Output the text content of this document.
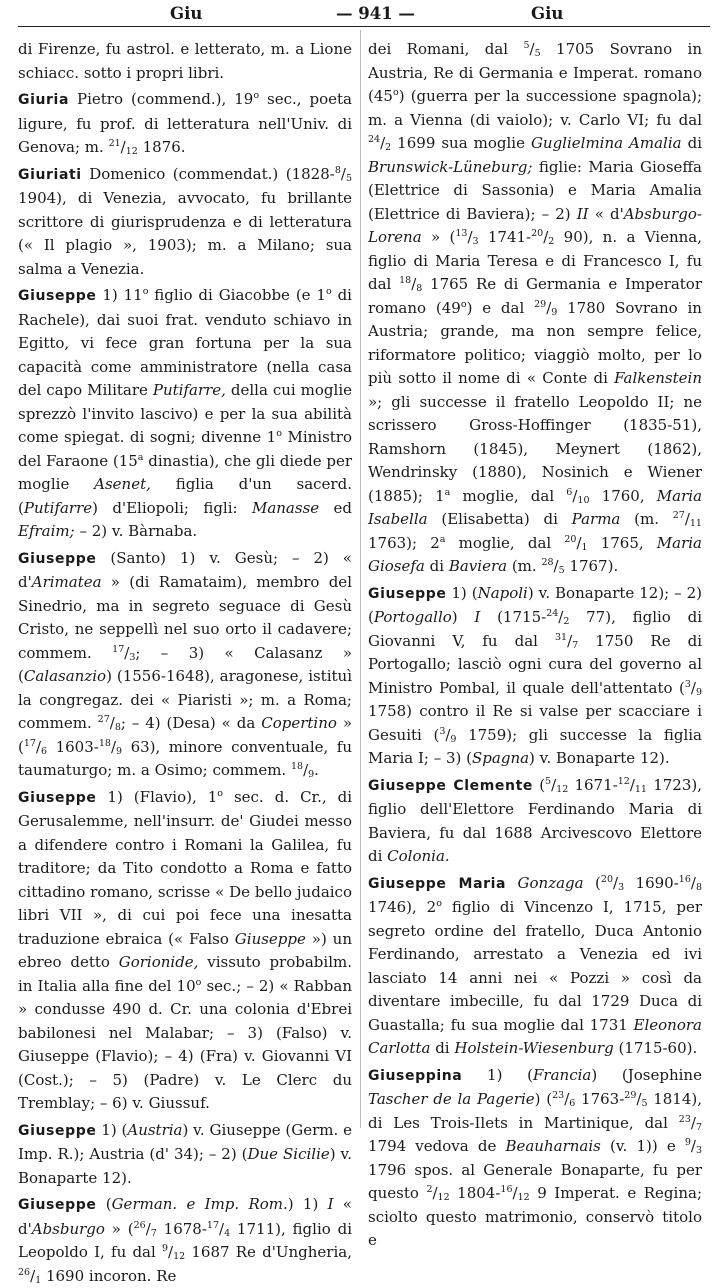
Giu	— 941 —	Giu

di Firenze, fu astrol. e letterato, m. a Lione schiacc. sotto i propri libri.

Giuria Pietro (commend.), 19$^o$ sec., poeta ligure, fu prof. di letteratura nell'Univ. di Genova; m. $^{21}/_{12}$ 1876.

Giuriati Domenico (commendat.) ($1828-^8/_5$ 1904), di Venezia, avvocato, fu brillante scrittore di giurisprudenza e di letteratura (« Il plagio », 1903); m. a Milano; sua salma a Venezia.

Giuseppe 1) 11$^o$ figlio di Giacobbe (e 1$^o$ di Rachele), dai suoi frat. venduto schiavo in Egitto, vi fece gran fortuna per la sua capacità come amministratore (nella casa del capo Militare Putifarre, della cui moglie sprezzò l'invito lascivo) e per la sua abilità come spiegat. di sogni; divenne 1$^o$ Ministro del Faraone (15$^a$ dinastia), che gli diede per moglie Asenet, figlia d'un sacerd. (Putifarre) d'Eliopoli; figli: Manasse ed Efraim; – 2) v. Bàrnaba.

Giuseppe (Santo) 1) v. Gesù; – 2) « d'Arimatea » (di Ramataim), membro del Sinedrio, ma in segreto seguace di Gesù Cristo, ne seppellì nel suo orto il cadavere; commem. $^{17}/_3$; – 3) « Calasanz » (Calasanzio) (1556-1648), aragonese, istituì la congregaz. dei « Piaristi »; m. a Roma; commem. $^{27}/_8$; – 4) (Desa) « da Copertino » ($^{17}/_6$ $1603-^{18}/_9$ 63), minore conventuale, fu taumaturgo; m. a Osimo; commem. $^{18}/_9$.

Giuseppe 1) (Flavio), 1$^o$ sec. d. Cr., di Gerusalemme, nell'insurr. de' Giudei messo a difendere contro i Romani la Galilea, fu traditore; da Tito condotto a Roma e fatto cittadino romano, scrisse « De bello judaico libri VII », di cui poi fece una inesatta traduzione ebraica (« Falso Giuseppe ») un ebreo detto Gorionide, vissuto probabilm. in Italia alla fine del 10$^o$ sec.; – 2) « Rabban » condusse 490 d. Cr. una colonia d'Ebrei babilonesi nel Malabar; – 3) (Falso) v. Giuseppe (Flavio); – 4) (Fra) v. Giovanni VI (Cost.); – 5) (Padre) v. Le Clerc du Tremblay; – 6) v. Giussuf.

Giuseppe 1) (Austria) v. Giuseppe (Germ. e Imp. R.); Austria (d' 34); – 2) (Due Sicilie) v. Bonaparte 12).

Giuseppe (German. e Imp. Rom.) 1) I « d'Absburgo » ($^{26}/_7$ $1678-^{17}/_4$ 1711), figlio di Leopoldo I, fu dal $^9/_{12}$ 1687 Re d'Ungheria, $^{26}/_1$ 1690 incoron. Re

dei Romani, dal $^5/_5$ 1705 Sovrano in Austria, Re di Germania e Imperat. romano (45$^o$) (guerra per la successione spagnola); m. a Vienna (di vaiolo); v. Carlo VI; fu dal $^{24}/_2$ 1699 sua moglie Guglielmina Amalia di Brunswick-Lüneburg; figlie: Maria Gioseffa (Elettrice di Sassonia) e Maria Amalia (Elettrice di Baviera); – 2) II « d'Absburgo-Lorena » ($^{13}/_3$ $1741-^{20}/_2$ 90), n. a Vienna, figlio di Maria Teresa e di Francesco I, fu dal $^{18}/_8$ 1765 Re di Germania e Imperator romano (49$^o$) e dal $^{29}/_9$ 1780 Sovrano in Austria; grande, ma non sempre felice, riformatore politico; viaggiò molto, per lo più sotto il nome di « Conte di Falkenstein »; gli successe il fratello Leopoldo II; ne scrissero Gross-Hoffinger (1835-51), Ramshorn (1845), Meynert (1862), Wendrinsky (1880), Nosinich e Wiener (1885); 1$^a$ moglie, dal $^6/_{10}$ 1760, Maria Isabella (Elisabetta) di Parma (m. $^{27}/_{11}$ 1763); 2$^a$ moglie, dal $^{20}/_1$ 1765, Maria Giosefa di Baviera (m. $^{28}/_5$ 1767).

Giuseppe 1) (Napoli) v. Bonaparte 12); – 2) (Portogallo) I ($1715-^{24}/_2$ 77), figlio di Giovanni V, fu dal $^{31}/_7$ 1750 Re di Portogallo; lasciò ogni cura del governo al Ministro Pombal, il quale dell'attentato ($^3/_9$ 1758) contro il Re si valse per scacciare i Gesuiti ($^3/_9$ 1759); gli successe la figlia Maria I; – 3) (Spagna) v. Bonaparte 12).

Giuseppe Clemente ($^5/_{12}$ $1671-^{12}/_{11}$ 1723), figlio dell'Elettore Ferdinando Maria di Baviera, fu dal 1688 Arcivescovo Elettore di Colonia.

Giuseppe Maria Gonzaga ($^{20}/_3$ $1690-^{16}/_8$ 1746), 2$^o$ figlio di Vincenzo I, 1715, per segreto ordine del fratello, Duca Antonio Ferdinando, arrestato a Venezia ed ivi lasciato 14 anni nei « Pozzi » così da diventare imbecille, fu dal 1729 Duca di Guastalla; fu sua moglie dal 1731 Eleonora Carlotta di Holstein-Wiesenburg (1715-60).

Giuseppina 1) (Francia) (Josephine Tascher de la Pagerie) ($^{23}/_6$ $1763-^{29}/_5$ 1814), di Les Trois-Ilets in Martinique, dal $^{23}/_7$ 1794 vedova de Beauharnais (v. 1)) e $^9/_3$ 1796 spos. al Generale Bonaparte, fu per questo $^2/_{12}$ $1804-^{16}/_{12}$ 9 Imperat. e Regina; sciolto questo matrimonio, conservò titolo e
